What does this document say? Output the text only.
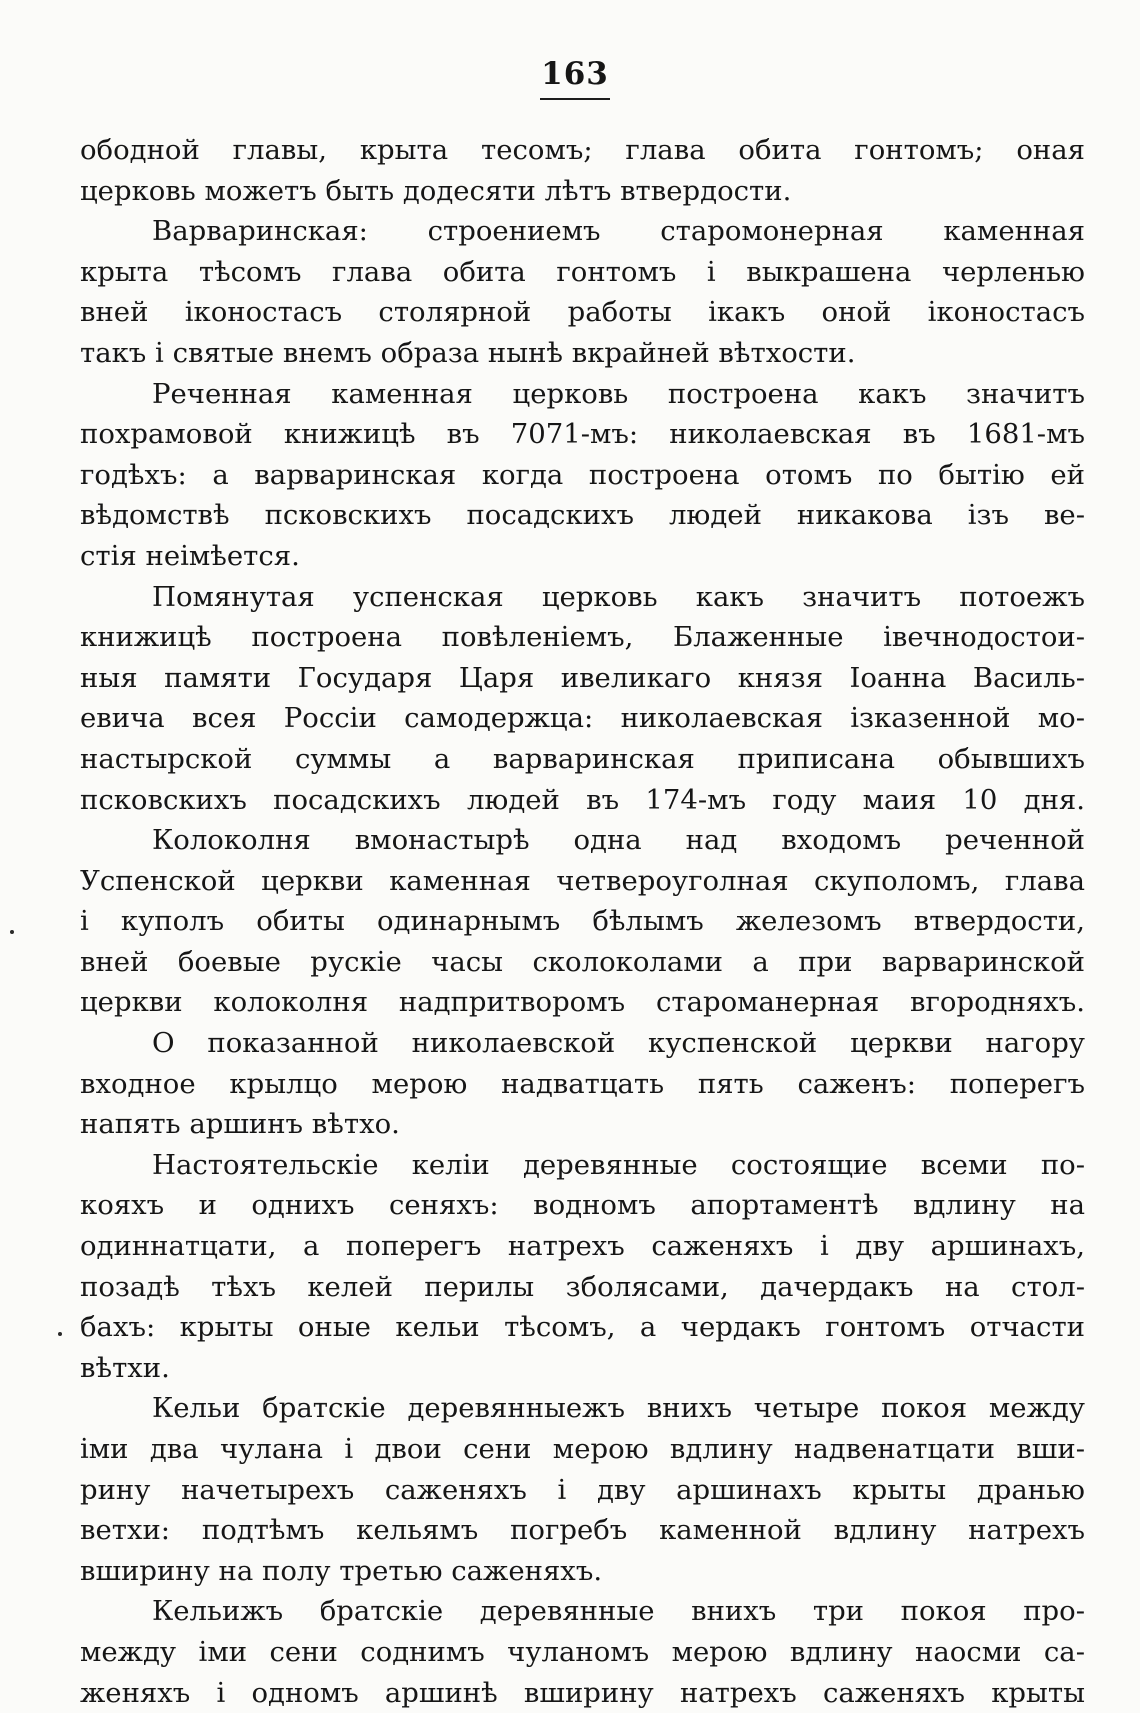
163
ободной главы, крыта тесомъ; глава обита гонтомъ; оная
церковь можетъ быть додесяти лѣтъ втвердости.
Варваринская: строениемъ старомонерная каменная
крыта тѣсомъ глава обита гонтомъ і выкрашена черленью
вней іконостасъ столярной работы ікакъ оной іконостасъ
такъ і святые внемъ образа нынѣ вкрайней вѣтхости.
Реченная каменная церковь построена какъ значитъ
похрамовой книжицѣ въ 7071-мъ: николаевская въ 1681-мъ
годѣхъ: а варваринская когда построена отомъ по бытію ей
вѣдомствѣ псковскихъ посадскихъ людей никакова ізъ ве-
стія неімѣется.
Помянутая успенская церковь какъ значитъ потоежъ
книжицѣ построена повѣленіемъ, Блаженные івечнодостои-
ныя памяти Государя Царя ивеликаго князя Іоанна Василь-
евича всея Россіи самодержца: николаевская ізказенной мо-
настырской суммы а варваринская приписана обывшихъ
псковскихъ посадскихъ людей въ 174-мъ году маия 10 дня.
Колоколня вмонастырѣ одна над входомъ реченной
Успенской церкви каменная четвероуголная скуполомъ, глава
і куполъ обиты одинарнымъ бѣлымъ железомъ втвердости,
вней боевые рускіе часы сколоколами а при варваринской
церкви колоколня надпритворомъ староманерная вгородняхъ.
О показанной николаевской куспенской церкви нагору
входное крылцо мерою надватцать пять саженъ: поперегъ
напять аршинъ вѣтхо.
Настоятельскіе келіи деревянные состоящие всеми по-
кояхъ и однихъ сеняхъ: водномъ апортаментѣ вдлину на
одиннатцати, а поперегъ натрехъ саженяхъ і дву аршинахъ,
позадѣ тѣхъ келей перилы зболясами, дачердакъ на стол-
бахъ: крыты оные кельи тѣсомъ, а чердакъ гонтомъ отчасти
вѣтхи.
Кельи братскіе деревянныежъ вниxъ четыре покоя между
іми два чулана і двои сени мерою вдлину надвенатцати вши-
рину начетырехъ саженяхъ і дву аршинахъ крыты дранью
ветхи: подтѣмъ кельямъ погребъ каменной вдлину натрехъ
вширину на полу третью саженяхъ.
Кельижъ братскіе деревянные вниxъ три покоя про-
между іми сени соднимъ чуланомъ мерою вдлину наосми са-
женяхъ і одномъ аршинѣ вширину натрехъ саженяхъ крыты
